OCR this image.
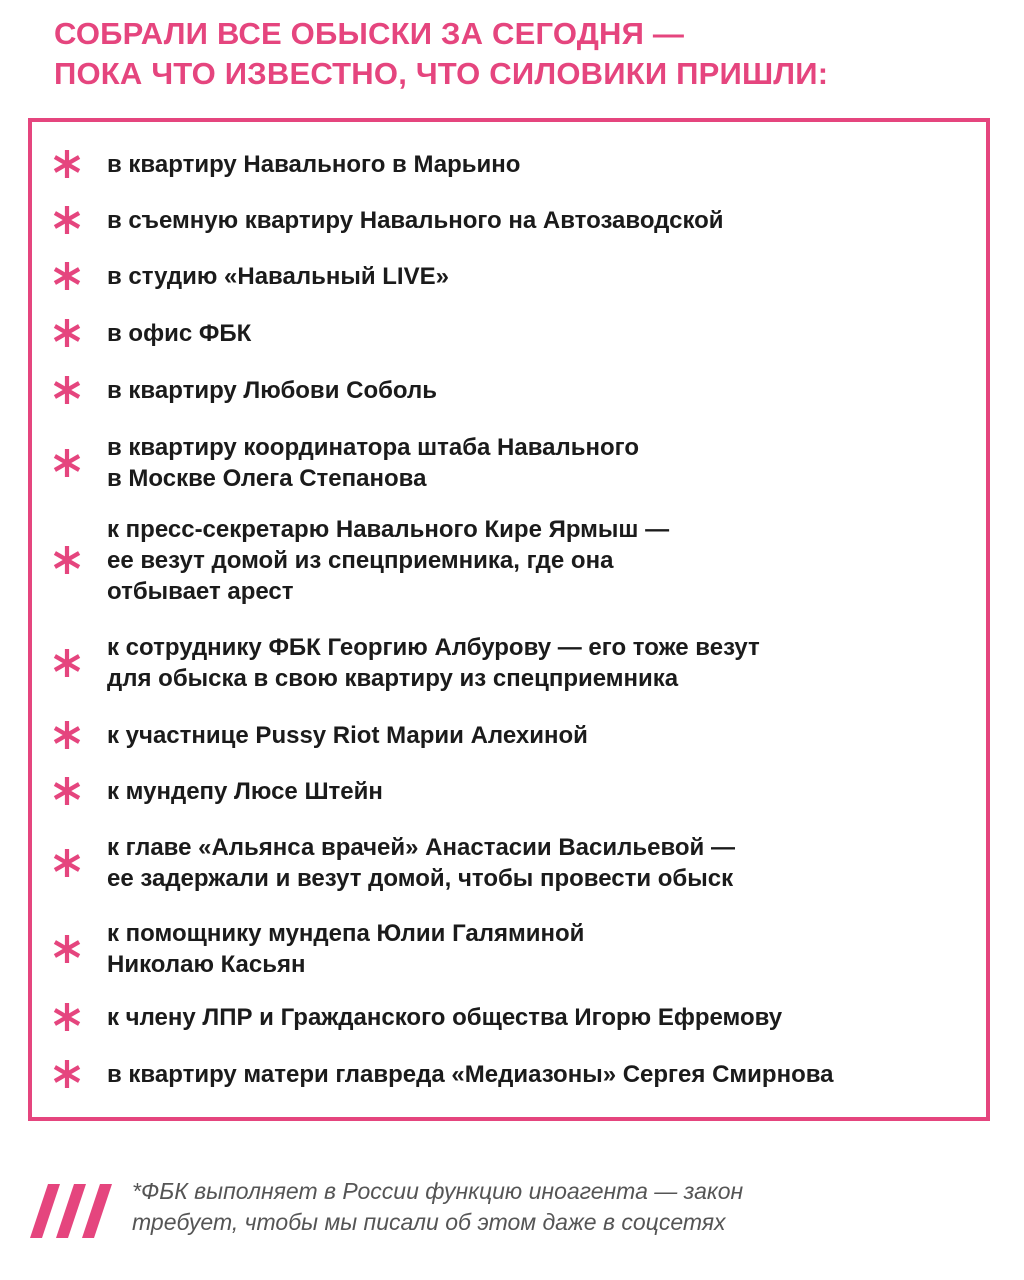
СОБРАЛИ ВСЕ ОБЫСКИ ЗА СЕГОДНЯ —
ПОКА ЧТО ИЗВЕСТНО, ЧТО СИЛОВИКИ ПРИШЛИ:
в квартиру Навального в Марьино
в съемную квартиру Навального на Автозаводской
в студию «Навальный LIVE»
в офис ФБК
в квартиру Любови Соболь
в квартиру координатора штаба Навального
в Москве Олега Степанова
к пресс-секретарю Навального Кире Ярмыш —
ее везут домой из спецприемника, где она
отбывает арест
к сотруднику ФБК Георгию Албурову — его тоже везут
для обыска в свою квартиру из спецприемника
к участнице Pussy Riot Марии Алехиной
к мундепу Люсе Штейн
к главе «Альянса врачей» Анастасии Васильевой —
ее задержали и везут домой, чтобы провести обыск
к помощнику мундепа Юлии Галяминой
Николаю Касьян
к члену ЛПР и Гражданского общества Игорю Ефремову
в квартиру матери главреда «Медиазоны» Сергея Смирнова
*ФБК выполняет в России функцию иноагента — закон
требует, чтобы мы писали об этом даже в соцсетях
